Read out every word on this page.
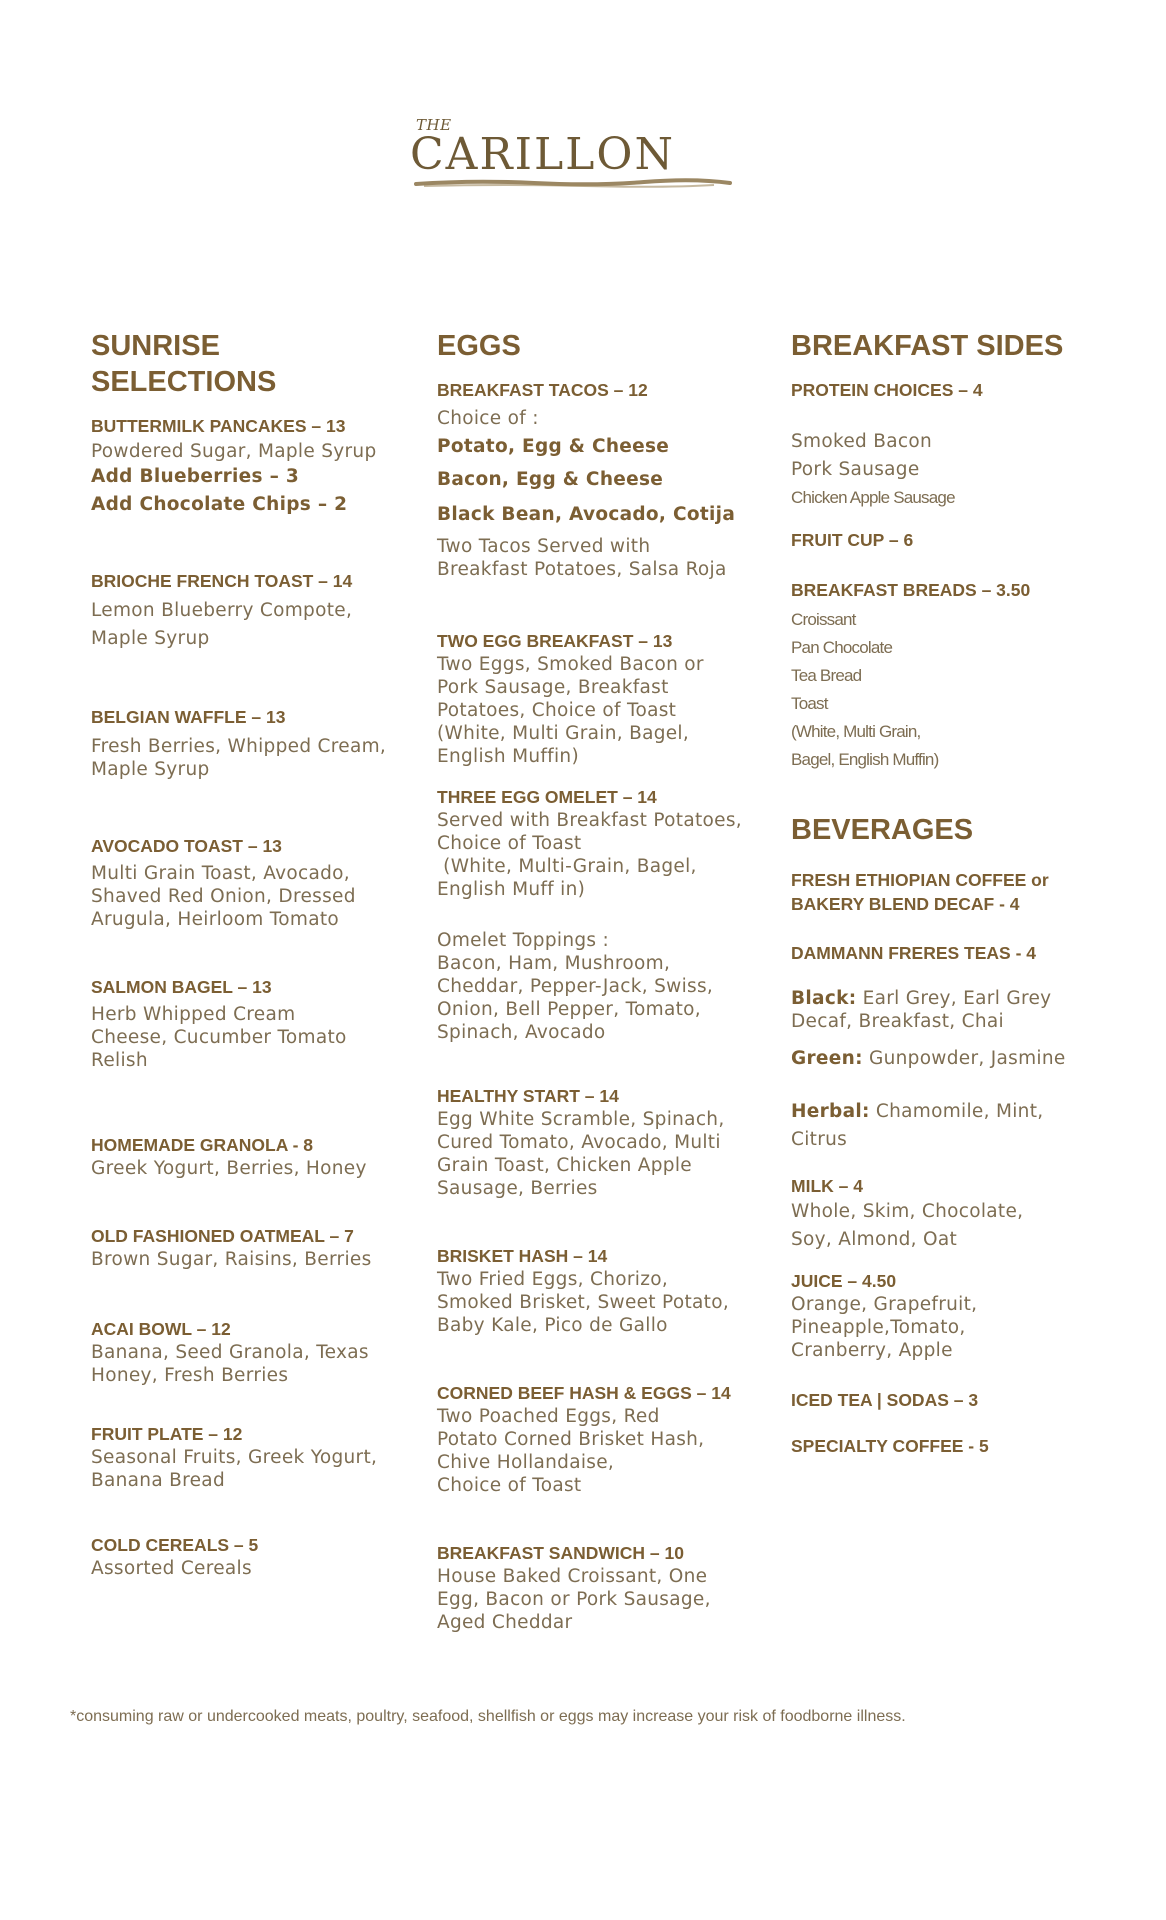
THE
CARILLON
SUNRISE SELECTIONS
BUTTERMILK PANCAKES – 13
Powdered Sugar, Maple Syrup
Add Blueberries – 3
Add Chocolate Chips – 2
BRIOCHE FRENCH TOAST – 14
Lemon Blueberry Compote,
Maple Syrup
BELGIAN WAFFLE – 13
Fresh Berries, Whipped Cream,
Maple Syrup
AVOCADO TOAST – 13
Multi Grain Toast, Avocado,
Shaved Red Onion, Dressed
Arugula, Heirloom Tomato
SALMON BAGEL – 13
Herb Whipped Cream
Cheese, Cucumber Tomato
Relish
HOMEMADE GRANOLA - 8
Greek Yogurt, Berries, Honey
OLD FASHIONED OATMEAL – 7
Brown Sugar, Raisins, Berries
ACAI BOWL – 12
Banana, Seed Granola, Texas
Honey, Fresh Berries
FRUIT PLATE – 12
Seasonal Fruits, Greek Yogurt,
Banana Bread
COLD CEREALS – 5
Assorted Cereals
EGGS
BREAKFAST TACOS – 12
Choice of :
Potato, Egg & Cheese
Bacon, Egg & Cheese
Black Bean, Avocado, Cotija
Two Tacos Served with
Breakfast Potatoes, Salsa Roja
TWO EGG BREAKFAST – 13
Two Eggs, Smoked Bacon or
Pork Sausage, Breakfast
Potatoes, Choice of Toast
(White, Multi Grain, Bagel,
English Muffin)
THREE EGG OMELET – 14
Served with Breakfast Potatoes,
Choice of Toast
(White, Multi-Grain, Bagel,
English Muff in)
Omelet Toppings :
Bacon, Ham, Mushroom,
Cheddar, Pepper-Jack, Swiss,
Onion, Bell Pepper, Tomato,
Spinach, Avocado
HEALTHY START – 14
Egg White Scramble, Spinach,
Cured Tomato, Avocado, Multi
Grain Toast, Chicken Apple
Sausage, Berries
BRISKET HASH – 14
Two Fried Eggs, Chorizo,
Smoked Brisket, Sweet Potato,
Baby Kale, Pico de Gallo
CORNED BEEF HASH & EGGS – 14
Two Poached Eggs, Red
Potato Corned Brisket Hash,
Chive Hollandaise,
Choice of Toast
BREAKFAST SANDWICH – 10
House Baked Croissant, One
Egg, Bacon or Pork Sausage,
Aged Cheddar
BREAKFAST SIDES
PROTEIN CHOICES – 4
Smoked Bacon
Pork Sausage
Chicken Apple Sausage
FRUIT CUP – 6
BREAKFAST BREADS – 3.50
Croissant
Pan Chocolate
Tea Bread
Toast
(White, Multi Grain,
Bagel, English Muffin)
BEVERAGES
FRESH ETHIOPIAN COFFEE or
BAKERY BLEND DECAF - 4
DAMMANN FRERES TEAS - 4
Black: Earl Grey, Earl Grey
Decaf, Breakfast, Chai
Green: Gunpowder, Jasmine
Herbal: Chamomile, Mint,
Citrus
MILK – 4
Whole, Skim, Chocolate,
Soy, Almond, Oat
JUICE – 4.50
Orange, Grapefruit,
Pineapple,Tomato,
Cranberry, Apple
ICED TEA | SODAS – 3
SPECIALTY COFFEE - 5
*consuming raw or undercooked meats, poultry, seafood, shellfish or eggs may increase your risk of foodborne illness.
